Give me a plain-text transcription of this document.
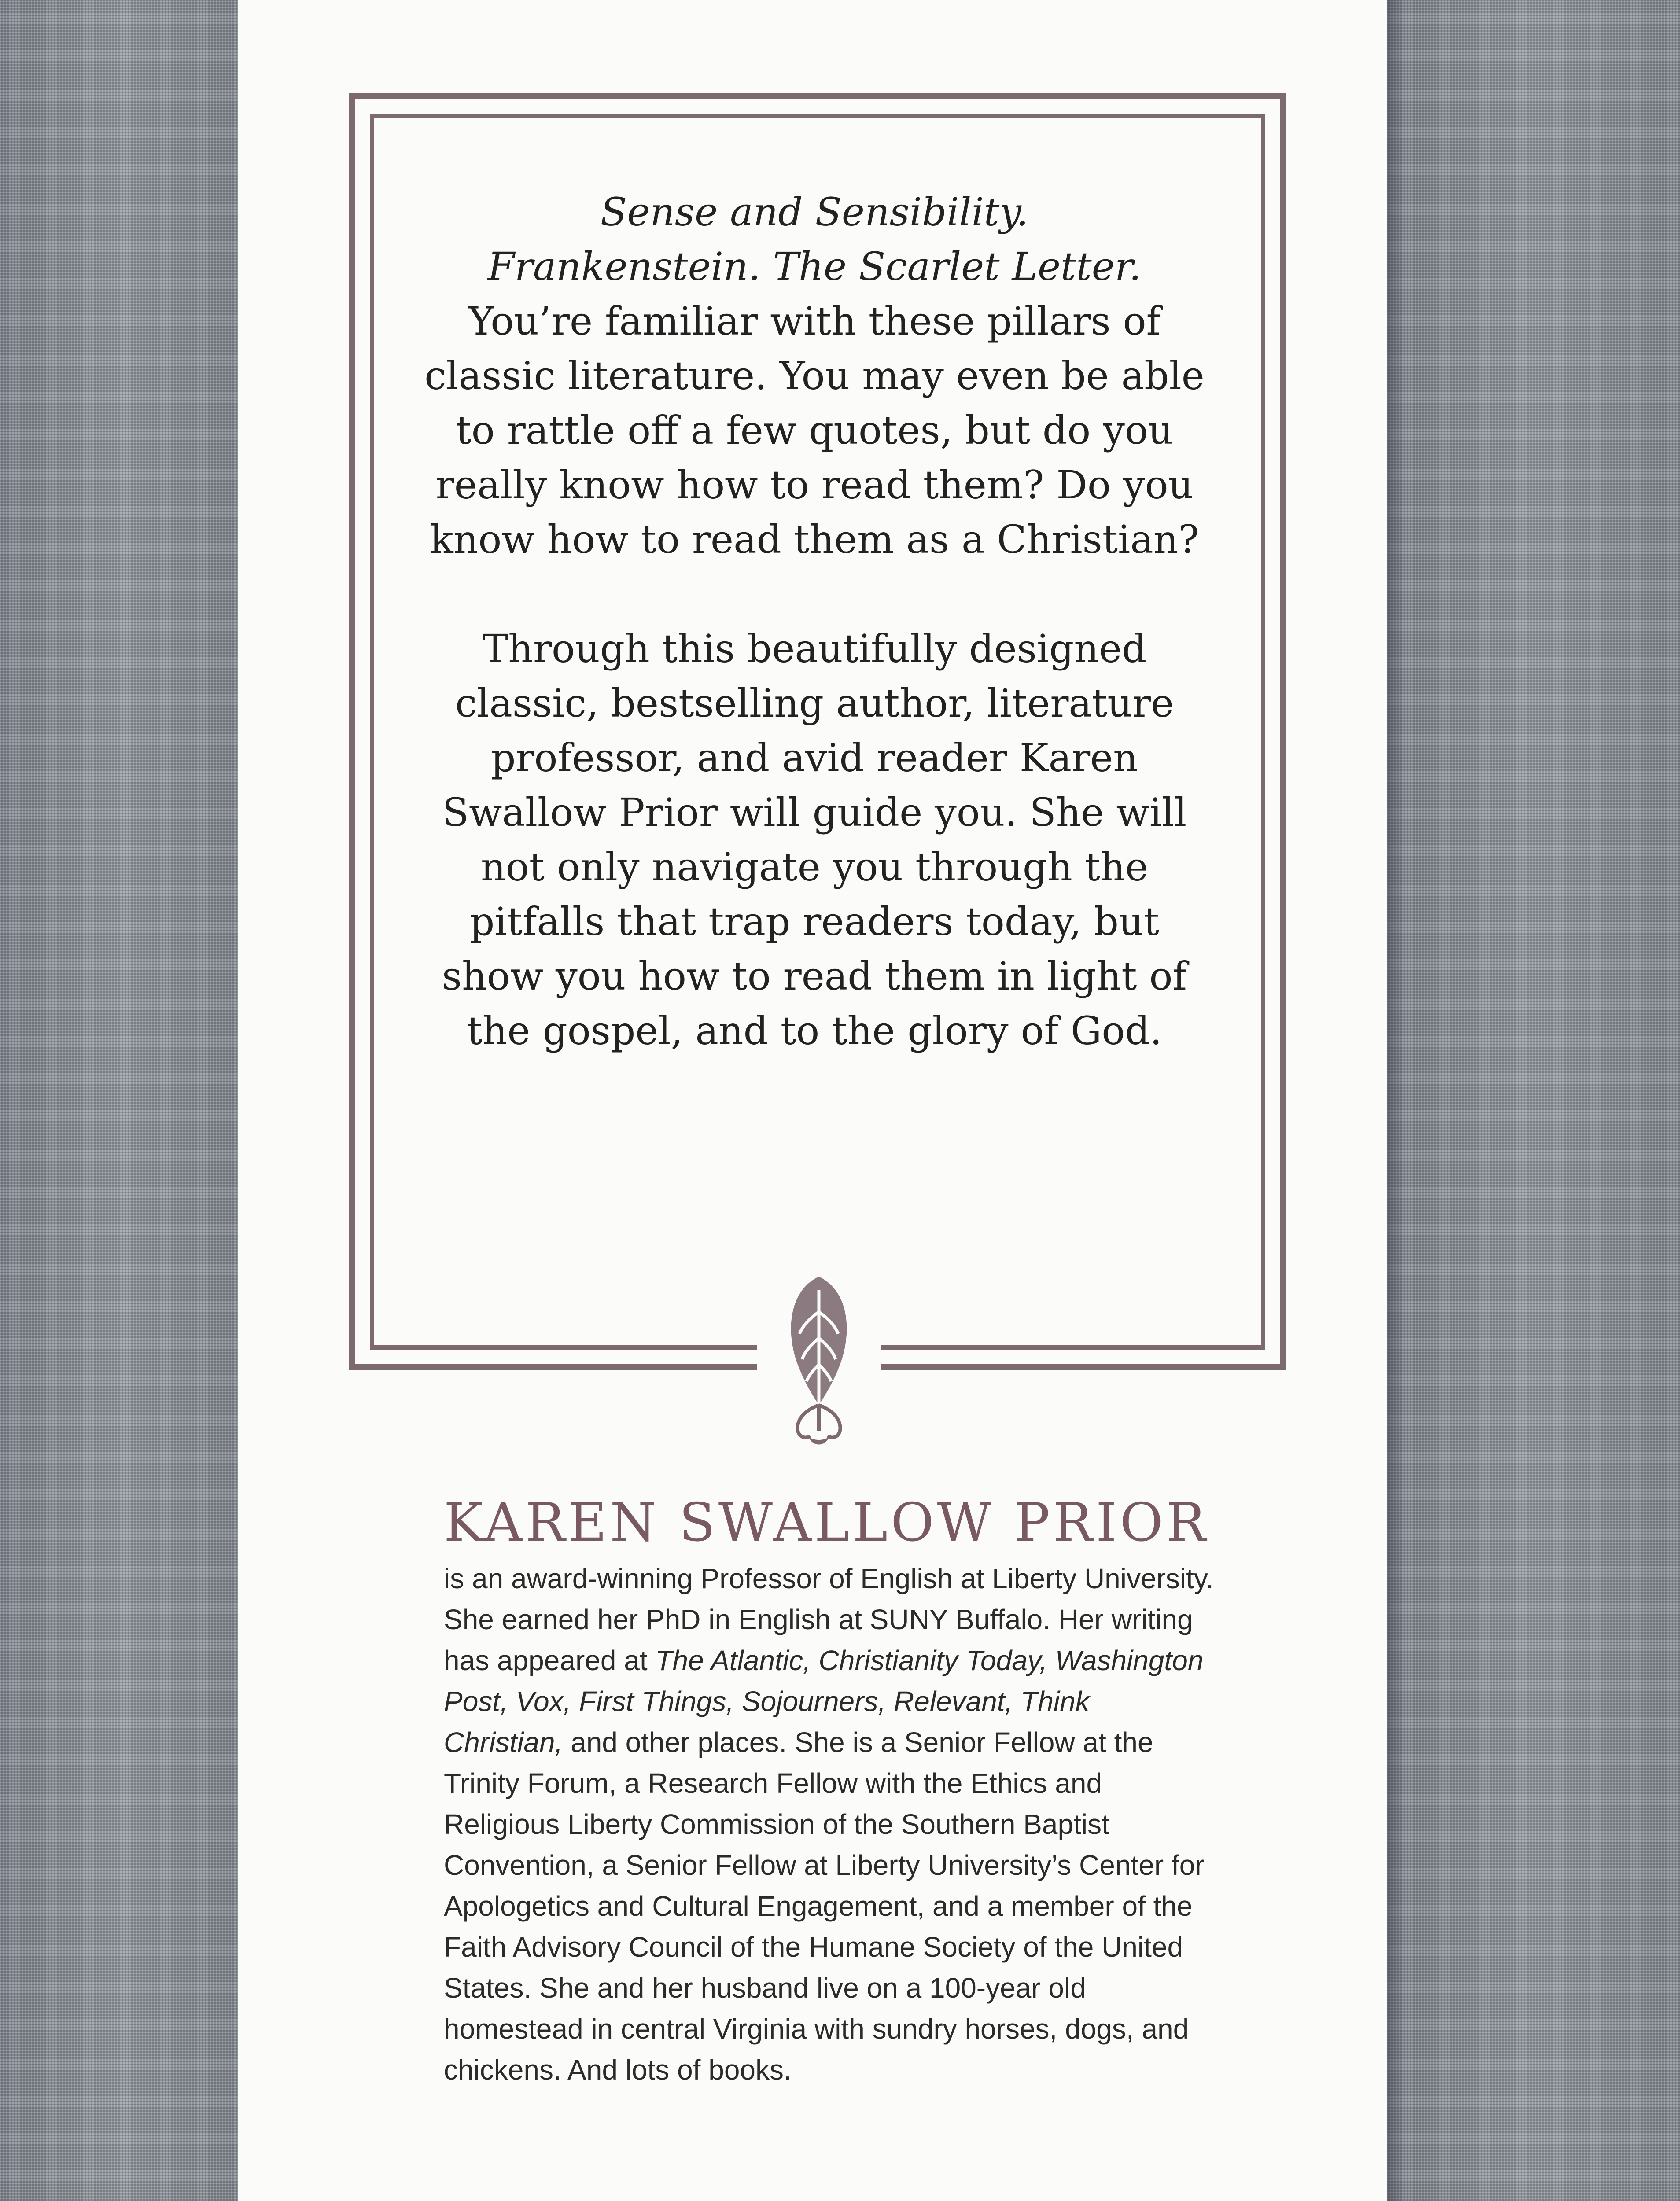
Sense and Sensibility.
Frankenstein. The Scarlet Letter.
You’re familiar with these pillars of classic literature. You may even be able to rattle off a few quotes, but do you really know how to read them? Do you know how to read them as a Christian?

Through this beautifully designed classic, bestselling author, literature professor, and avid reader Karen Swallow Prior will guide you. She will not only navigate you through the pitfalls that trap readers today, but show you how to read them in light of the gospel, and to the glory of God.

KAREN SWALLOW PRIOR

is an award-winning Professor of English at Liberty University. She earned her PhD in English at SUNY Buffalo. Her writing has appeared at The Atlantic, Christianity Today, Washington Post, Vox, First Things, Sojourners, Relevant, Think Christian, and other places. She is a Senior Fellow at the Trinity Forum, a Research Fellow with the Ethics and Religious Liberty Commission of the Southern Baptist Convention, a Senior Fellow at Liberty University’s Center for Apologetics and Cultural Engagement, and a member of the Faith Advisory Council of the Humane Society of the United States. She and her husband live on a 100-year old homestead in central Virginia with sundry horses, dogs, and chickens. And lots of books.
